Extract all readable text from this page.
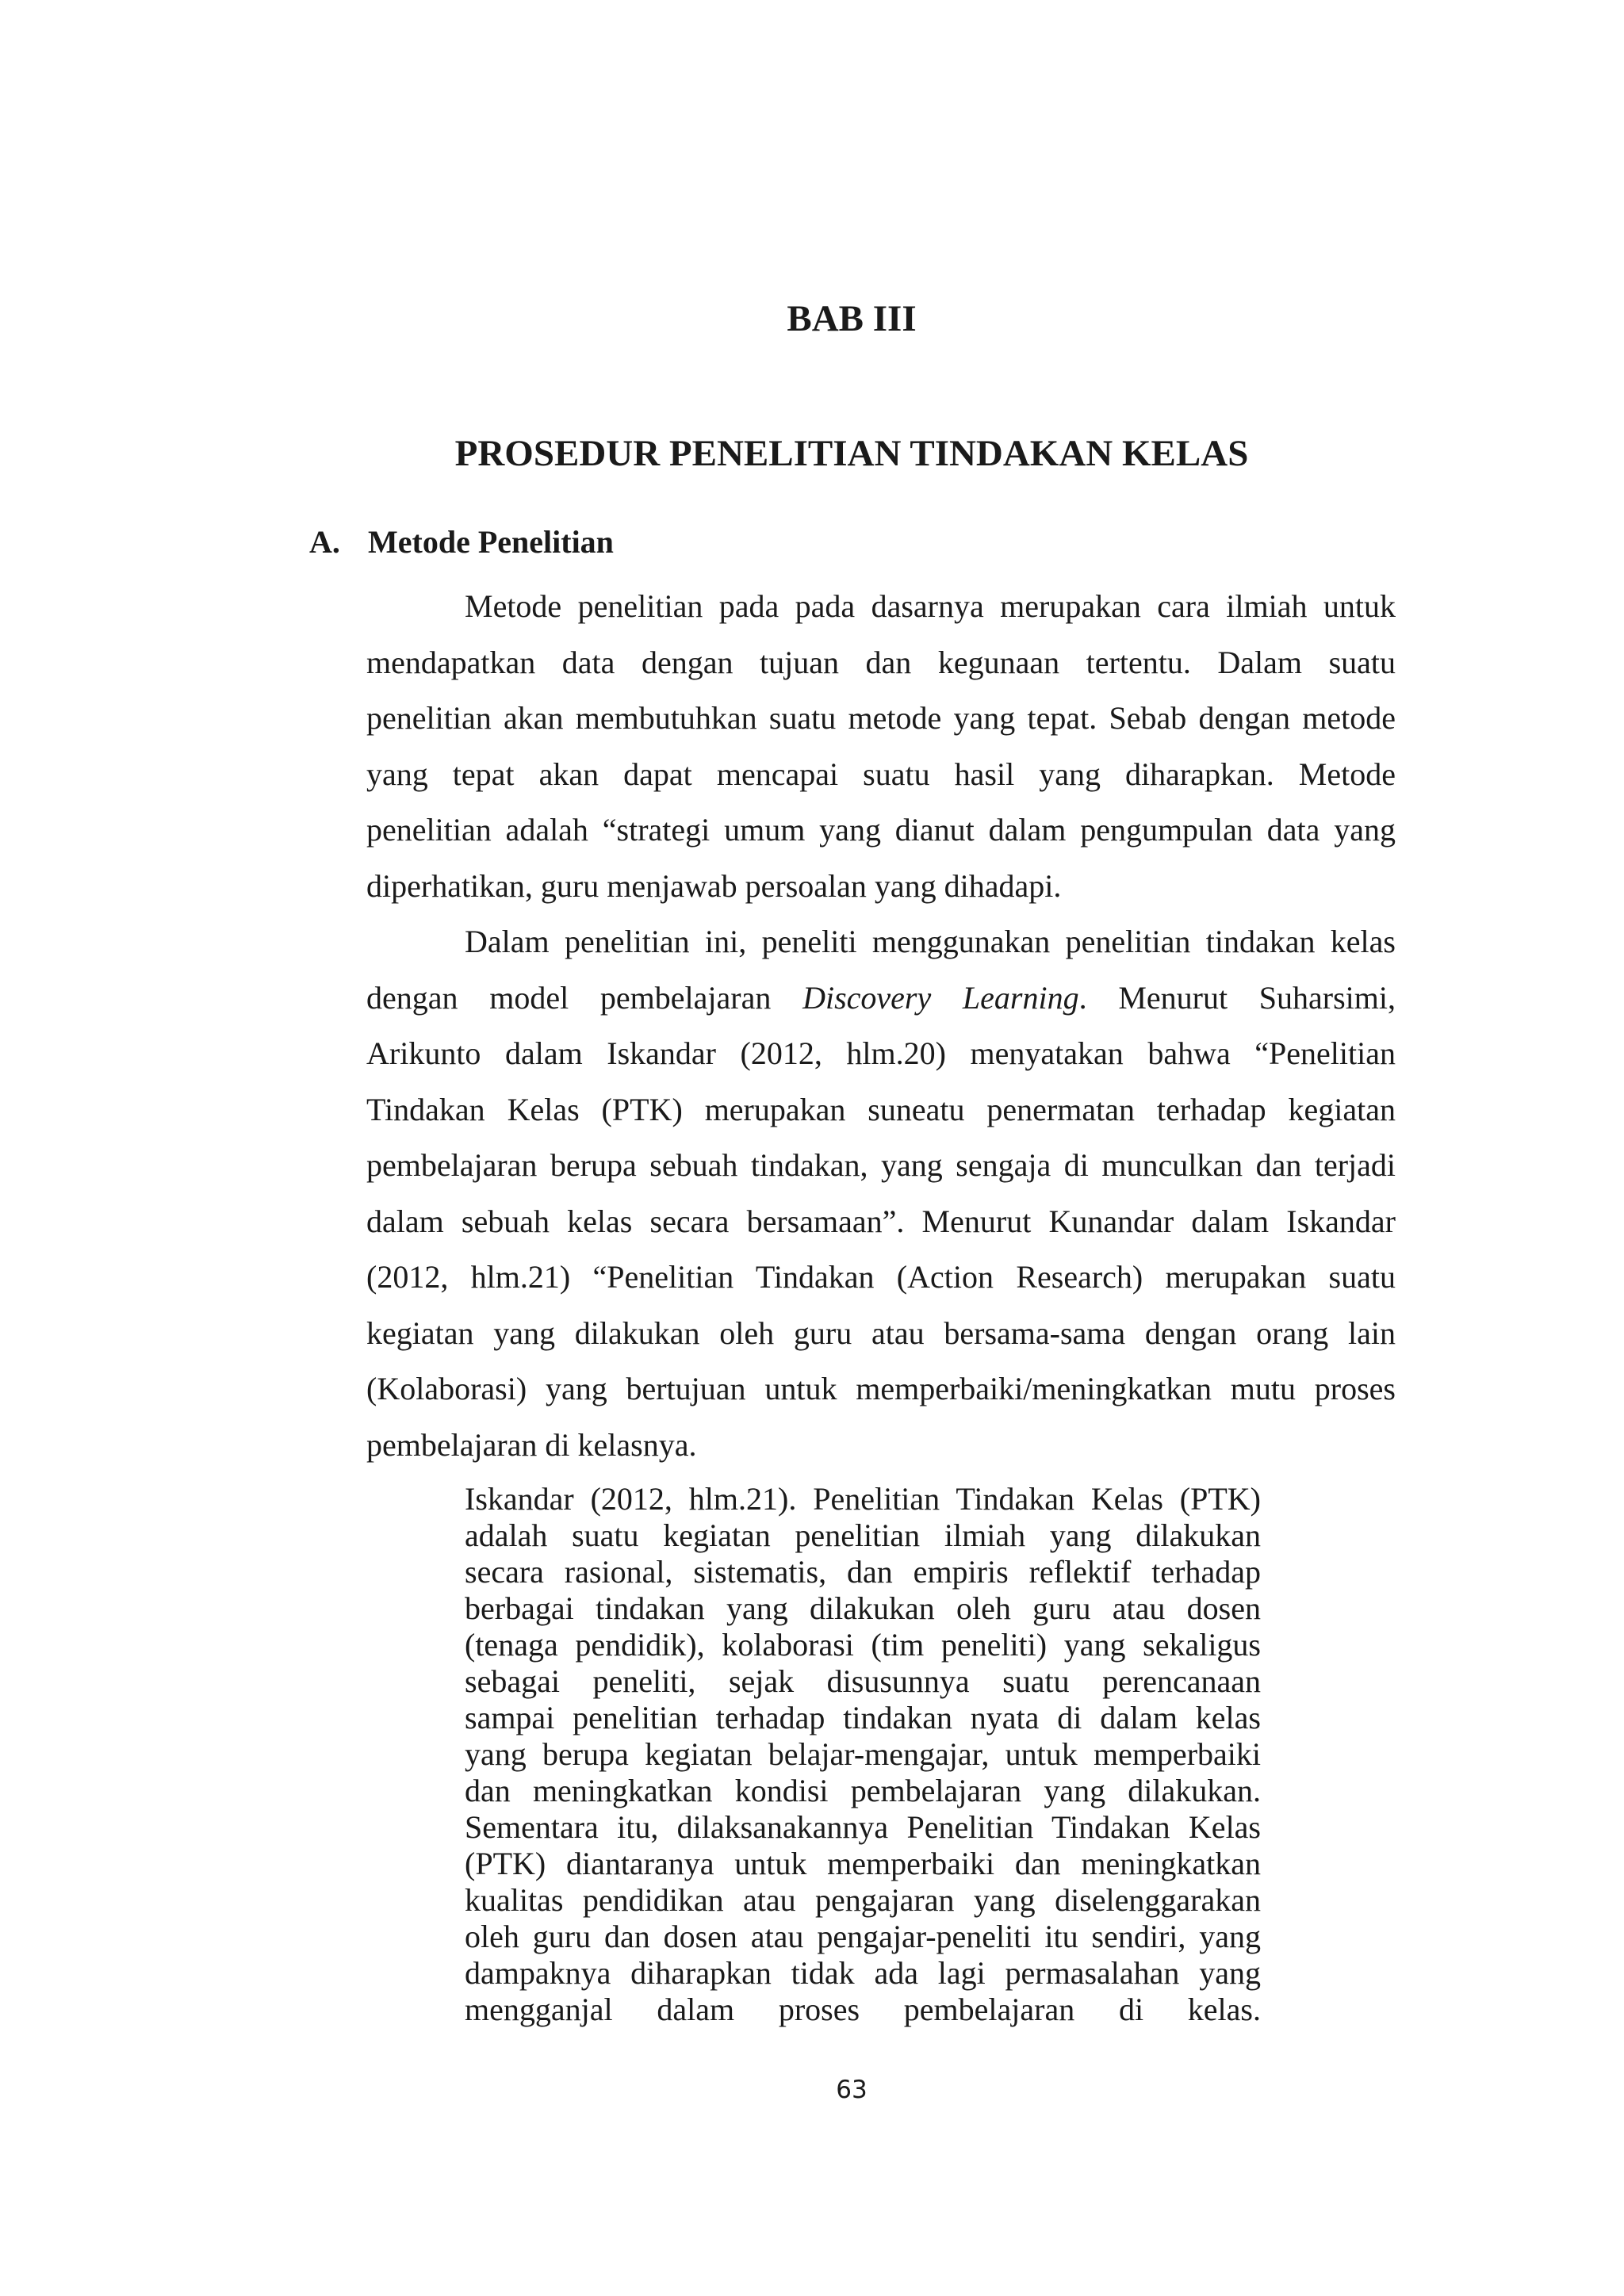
BAB III
PROSEDUR PENELITIAN TINDAKAN KELAS
A. Metode Penelitian
Metode penelitian pada pada dasarnya merupakan cara ilmiah untuk
mendapatkan data dengan tujuan dan kegunaan tertentu. Dalam suatu
penelitian akan membutuhkan suatu metode yang tepat. Sebab dengan metode
yang tepat akan dapat mencapai suatu hasil yang diharapkan. Metode
penelitian adalah “strategi umum yang dianut dalam pengumpulan data yang
diperhatikan, guru menjawab persoalan yang dihadapi.
Dalam penelitian ini, peneliti menggunakan penelitian tindakan kelas
dengan model pembelajaran Discovery Learning. Menurut Suharsimi,
Arikunto dalam Iskandar (2012, hlm.20) menyatakan bahwa “Penelitian
Tindakan Kelas (PTK) merupakan suneatu penermatan terhadap kegiatan
pembelajaran berupa sebuah tindakan, yang sengaja di munculkan dan terjadi
dalam sebuah kelas secara bersamaan”. Menurut Kunandar dalam Iskandar
(2012, hlm.21) “Penelitian Tindakan (Action Research) merupakan suatu
kegiatan yang dilakukan oleh guru atau bersama-sama dengan orang lain
(Kolaborasi) yang bertujuan untuk memperbaiki/meningkatkan mutu proses
pembelajaran di kelasnya.
Iskandar (2012, hlm.21). Penelitian Tindakan Kelas (PTK)
adalah suatu kegiatan penelitian ilmiah yang dilakukan
secara rasional, sistematis, dan empiris reflektif terhadap
berbagai tindakan yang dilakukan oleh guru atau dosen
(tenaga pendidik), kolaborasi (tim peneliti) yang sekaligus
sebagai peneliti, sejak disusunnya suatu perencanaan
sampai penelitian terhadap tindakan nyata di dalam kelas
yang berupa kegiatan belajar-mengajar, untuk memperbaiki
dan meningkatkan kondisi pembelajaran yang dilakukan.
Sementara itu, dilaksanakannya Penelitian Tindakan Kelas
(PTK) diantaranya untuk memperbaiki dan meningkatkan
kualitas pendidikan atau pengajaran yang diselenggarakan
oleh guru dan dosen atau pengajar-peneliti itu sendiri, yang
dampaknya diharapkan tidak ada lagi permasalahan yang
mengganjal dalam proses pembelajaran di kelas.

63
